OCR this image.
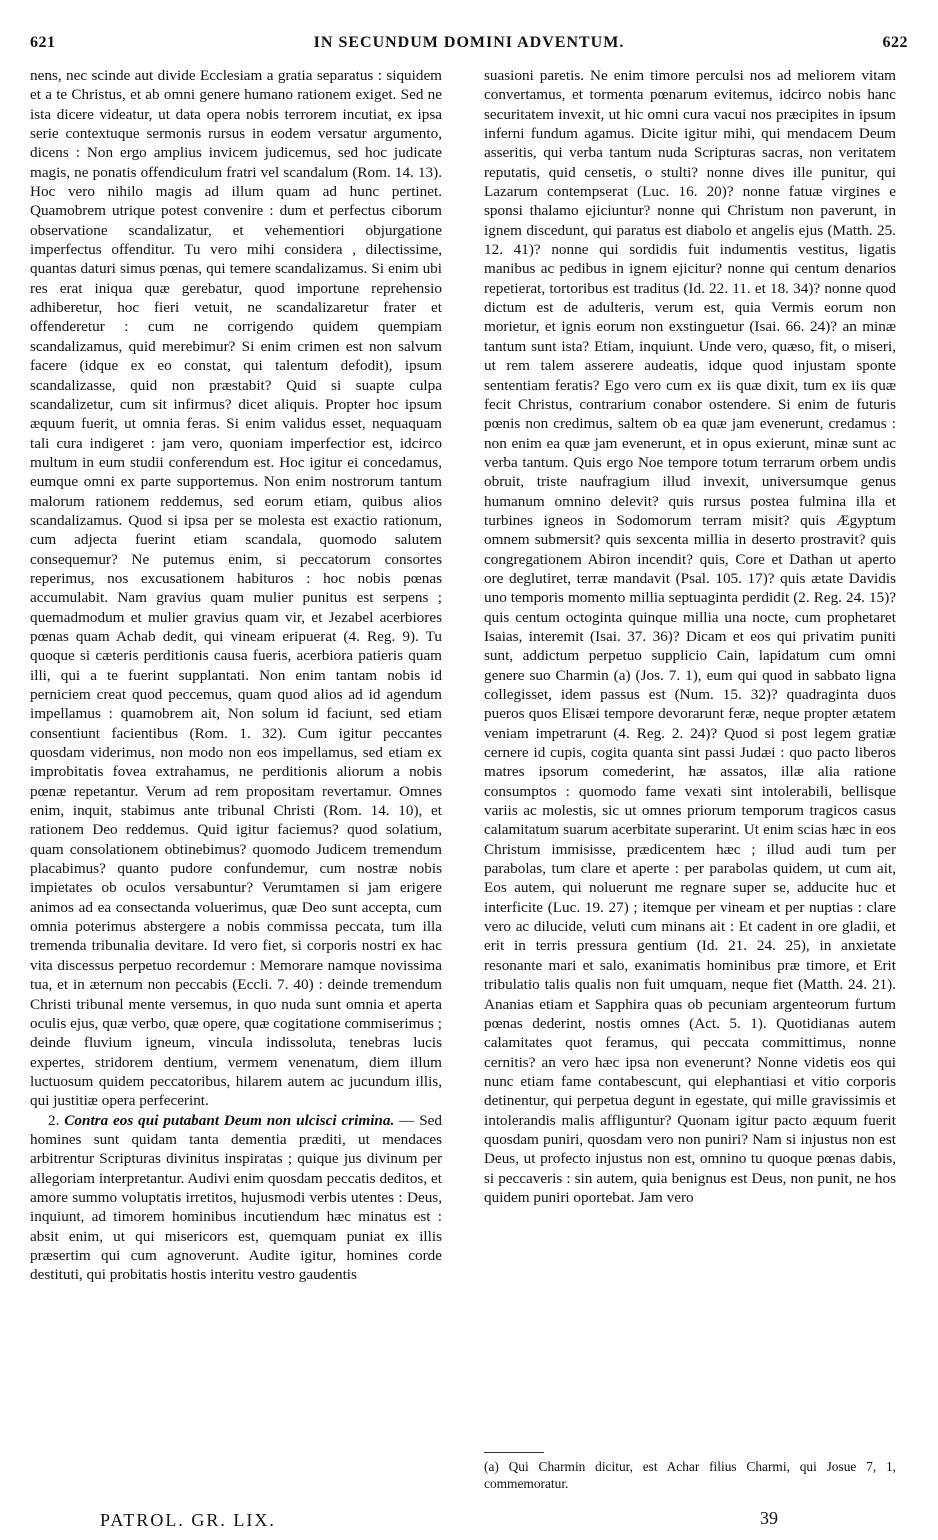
621	IN SECUNDUM DOMINI ADVENTUM.	622

nens, nec scinde aut divide Ecclesiam a gratia separatus : siquidem et a te Christus, et ab omni genere humano rationem exiget. Sed ne ista dicere videatur, ut data opera nobis terrorem incutiat, ex ipsa serie contextuque sermonis rursus in eodem versatur argumento, dicens : Non ergo amplius invicem judicemus, sed hoc judicate magis, ne ponatis offendiculum fratri vel scandalum (Rom. 14. 13). Hoc vero nihilo magis ad illum quam ad hunc pertinet. Quamobrem utrique potest convenire : dum et perfectus ciborum observatione scandalizatur, et vehementiori objurgatione imperfectus offenditur. Tu vero mihi considera , dilectissime, quantas daturi simus pœnas, qui temere scandalizamus. Si enim ubi res erat iniqua quæ gerebatur, quod importune reprehensio adhiberetur, hoc fieri vetuit, ne scandalizaretur frater et offenderetur : cum ne corrigendo quidem quempiam scandalizamus, quid merebimur? Si enim crimen est non salvum facere (idque ex eo constat, qui talentum defodit), ipsum scandalizasse, quid non præstabit? Quid si suapte culpa scandalizetur, cum sit infirmus? dicet aliquis. Propter hoc ipsum æquum fuerit, ut omnia feras. Si enim validus esset, nequaquam tali cura indigeret : jam vero, quoniam imperfectior est, idcirco multum in eum studii conferendum est. Hoc igitur ei concedamus, eumque omni ex parte supportemus. Non enim nostrorum tantum malorum rationem reddemus, sed eorum etiam, quibus alios scandalizamus. Quod si ipsa per se molesta est exactio rationum, cum adjecta fuerint etiam scandala, quomodo salutem consequemur? Ne putemus enim, si peccatorum consortes reperimus, nos excusationem habituros : hoc nobis pœnas accumulabit. Nam gravius quam mulier punitus est serpens ; quemadmodum et mulier gravius quam vir, et Jezabel acerbiores pœnas quam Achab dedit, qui vineam eripuerat (4. Reg. 9). Tu quoque si cæteris perditionis causa fueris, acerbiora patieris quam illi, qui a te fuerint supplantati. Non enim tantam nobis id perniciem creat quod peccemus, quam quod alios ad id agendum impellamus : quamobrem ait, Non solum id faciunt, sed etiam consentiunt facientibus (Rom. 1. 32). Cum igitur peccantes quosdam viderimus, non modo non eos impellamus, sed etiam ex improbitatis fovea extrahamus, ne perditionis aliorum a nobis pœnæ repetantur. Verum ad rem propositam revertamur. Omnes enim, inquit, stabimus ante tribunal Christi (Rom. 14. 10), et rationem Deo reddemus. Quid igitur faciemus? quod solatium, quam consolationem obtinebimus? quomodo Judicem tremendum placabimus? quanto pudore confundemur, cum nostræ nobis impietates ob oculos versabuntur? Verumtamen si jam erigere animos ad ea consectanda voluerimus, quæ Deo sunt accepta, cum omnia poterimus abstergere a nobis commissa peccata, tum illa tremenda tribunalia devitare. Id vero fiet, si corporis nostri ex hac vita discessus perpetuo recordemur : Memorare namque novissima tua, et in æternum non peccabis (Eccli. 7. 40) : deinde tremendum Christi tribunal mente versemus, in quo nuda sunt omnia et aperta oculis ejus, quæ verbo, quæ opere, quæ cogitatione commiserimus ; deinde fluvium igneum, vincula indissoluta, tenebras lucis expertes, stridorem dentium, vermem venenatum, diem illum luctuosum quidem peccatoribus, hilarem autem ac jucundum illis, qui justitiæ opera perfecerint.

2. Contra eos qui putabant Deum non ulcisci crimina. — Sed homines sunt quidam tanta dementia præditi, ut mendaces arbitrentur Scripturas divinitus inspiratas ; quique jus divinum per allegoriam interpretantur. Audivi enim quosdam peccatis deditos, et amore summo voluptatis irretitos, hujusmodi verbis utentes : Deus, inquiunt, ad timorem hominibus incutiendum hæc minatus est : absit enim, ut qui misericors est, quemquam puniat ex illis præsertim qui cum agnoverunt. Audite igitur, homines corde destituti, qui probitatis hostis interitu vestro gaudentis

suasioni paretis. Ne enim timore perculsi nos ad meliorem vitam convertamus, et tormenta pœnarum evitemus, idcirco nobis hanc securitatem invexit, ut hic omni cura vacui nos præcipites in ipsum inferni fundum agamus. Dicite igitur mihi, qui mendacem Deum asseritis, qui verba tantum nuda Scripturas sacras, non veritatem reputatis, quid censetis, o stulti? nonne dives ille punitur, qui Lazarum contempserat (Luc. 16. 20)? nonne fatuæ virgines e sponsi thalamo ejiciuntur? nonne qui Christum non paverunt, in ignem discedunt, qui paratus est diabolo et angelis ejus (Matth. 25. 12. 41)? nonne qui sordidis fuit indumentis vestitus, ligatis manibus ac pedibus in ignem ejicitur? nonne qui centum denarios repetierat, tortoribus est traditus (Id. 22. 11. et 18. 34)? nonne quod dictum est de adulteris, verum est, quia Vermis eorum non morietur, et ignis eorum non exstinguetur (Isai. 66. 24)? an minæ tantum sunt ista? Etiam, inquiunt. Unde vero, quæso, fit, o miseri, ut rem talem asserere audeatis, idque quod injustam sponte sententiam feratis? Ego vero cum ex iis quæ dixit, tum ex iis quæ fecit Christus, contrarium conabor ostendere. Si enim de futuris pœnis non credimus, saltem ob ea quæ jam evenerunt, credamus : non enim ea quæ jam evenerunt, et in opus exierunt, minæ sunt ac verba tantum. Quis ergo Noe tempore totum terrarum orbem undis obruit, triste naufragium illud invexit, universumque genus humanum omnino delevit? quis rursus postea fulmina illa et turbines igneos in Sodomorum terram misit? quis Ægyptum omnem submersit? quis sexcenta millia in deserto prostravit? quis congregationem Abiron incendit? quis, Core et Dathan ut aperto ore deglutiret, terræ mandavit (Psal. 105. 17)? quis ætate Davidis uno temporis momento millia septuaginta perdidit (2. Reg. 24. 15)? quis centum octoginta quinque millia una nocte, cum prophetaret Isaias, interemit (Isai. 37. 36)? Dicam et eos qui privatim puniti sunt, addictum perpetuo supplicio Cain, lapidatum cum omni genere suo Charmin (a) (Jos. 7. 1), eum qui quod in sabbato ligna collegisset, idem passus est (Num. 15. 32)? quadraginta duos pueros quos Elisæi tempore devorarunt feræ, neque propter ætatem veniam impetrarunt (4. Reg. 2. 24)? Quod si post legem gratiæ cernere id cupis, cogita quanta sint passi Judæi : quo pacto liberos matres ipsorum comederint, hæ assatos, illæ alia ratione consumptos : quomodo fame vexati sint intolerabili, bellisque variis ac molestis, sic ut omnes priorum temporum tragicos casus calamitatum suarum acerbitate superarint. Ut enim scias hæc in eos Christum immisisse, prædicentem hæc ; illud audi tum per parabolas, tum clare et aperte : per parabolas quidem, ut cum ait, Eos autem, qui noluerunt me regnare super se, adducite huc et interficite (Luc. 19. 27) ; itemque per vineam et per nuptias : clare vero ac dilucide, veluti cum minans ait : Et cadent in ore gladii, et erit in terris pressura gentium (Id. 21. 24. 25), in anxietate resonante mari et salo, exanimatis hominibus præ timore, et Erit tribulatio talis qualis non fuit umquam, neque fiet (Matth. 24. 21). Ananias etiam et Sapphira quas ob pecuniam argenteorum furtum pœnas dederint, nostis omnes (Act. 5. 1). Quotidianas autem calamitates quot feramus, qui peccata committimus, nonne cernitis? an vero hæc ipsa non evenerunt? Nonne videtis eos qui nunc etiam fame contabescunt, qui elephantiasi et vitio corporis detinentur, qui perpetua degunt in egestate, qui mille gravissimis et intolerandis malis affliguntur? Quonam igitur pacto æquum fuerit quosdam puniri, quosdam vero non puniri? Nam si injustus non est Deus, ut profecto injustus non est, omnino tu quoque pœnas dabis, si peccaveris : sin autem, quia benignus est Deus, non punit, ne hos quidem puniri oportebat. Jam vero

(a) Qui Charmin dicitur, est Achar filius Charmi, qui Josue 7, 1, commemoratur.
PATROL. GR. LIX.	39
